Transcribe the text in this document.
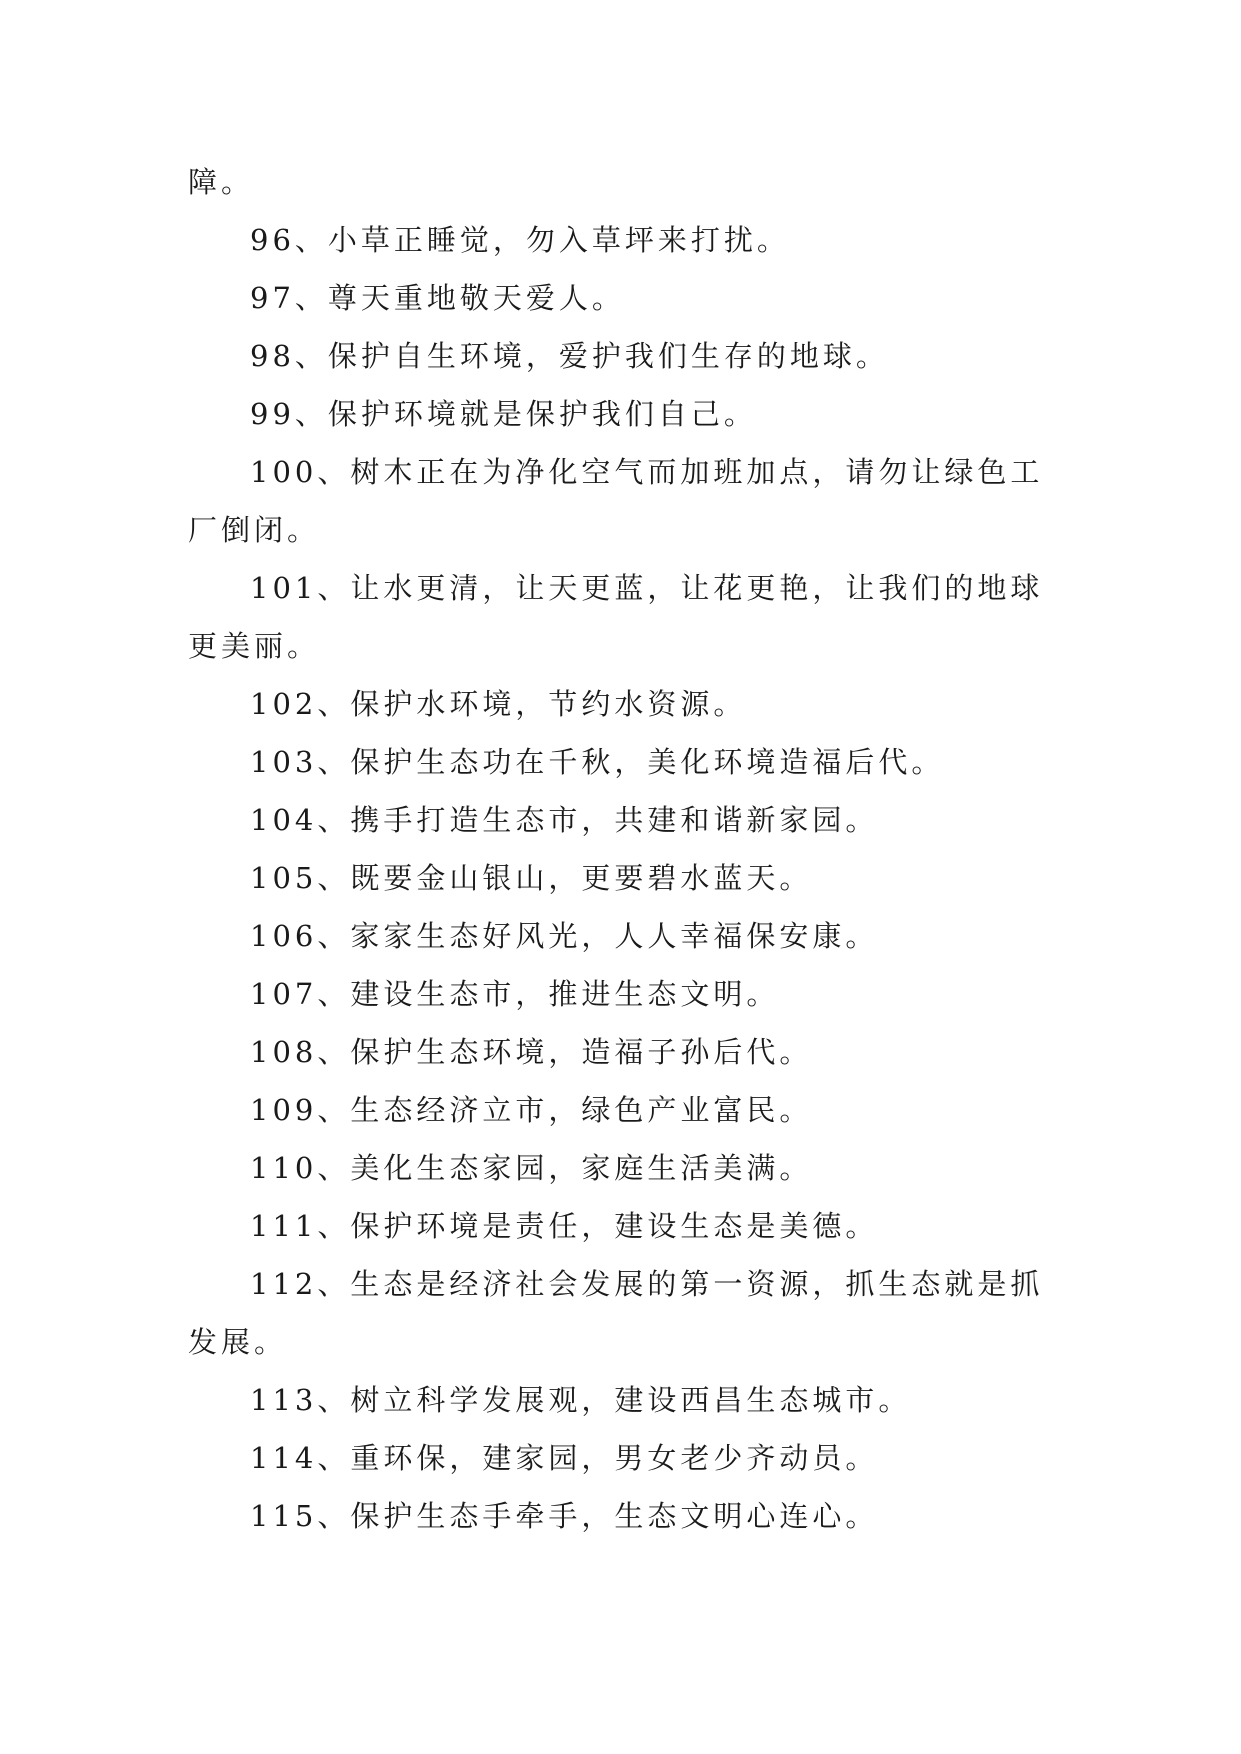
障。

96、小草正睡觉，勿入草坪来打扰。

97、尊天重地敬天爱人。

98、保护自生环境，爱护我们生存的地球。

99、保护环境就是保护我们自己。

100、树木正在为净化空气而加班加点，请勿让绿色工厂倒闭。

101、让水更清，让天更蓝，让花更艳，让我们的地球更美丽。

102、保护水环境，节约水资源。

103、保护生态功在千秋，美化环境造福后代。

104、携手打造生态市，共建和谐新家园。

105、既要金山银山，更要碧水蓝天。

106、家家生态好风光，人人幸福保安康。

107、建设生态市，推进生态文明。

108、保护生态环境，造福子孙后代。

109、生态经济立市，绿色产业富民。

110、美化生态家园，家庭生活美满。

111、保护环境是责任，建设生态是美德。

112、生态是经济社会发展的第一资源，抓生态就是抓发展。

113、树立科学发展观，建设西昌生态城市。

114、重环保，建家园，男女老少齐动员。

115、保护生态手牵手，生态文明心连心。
